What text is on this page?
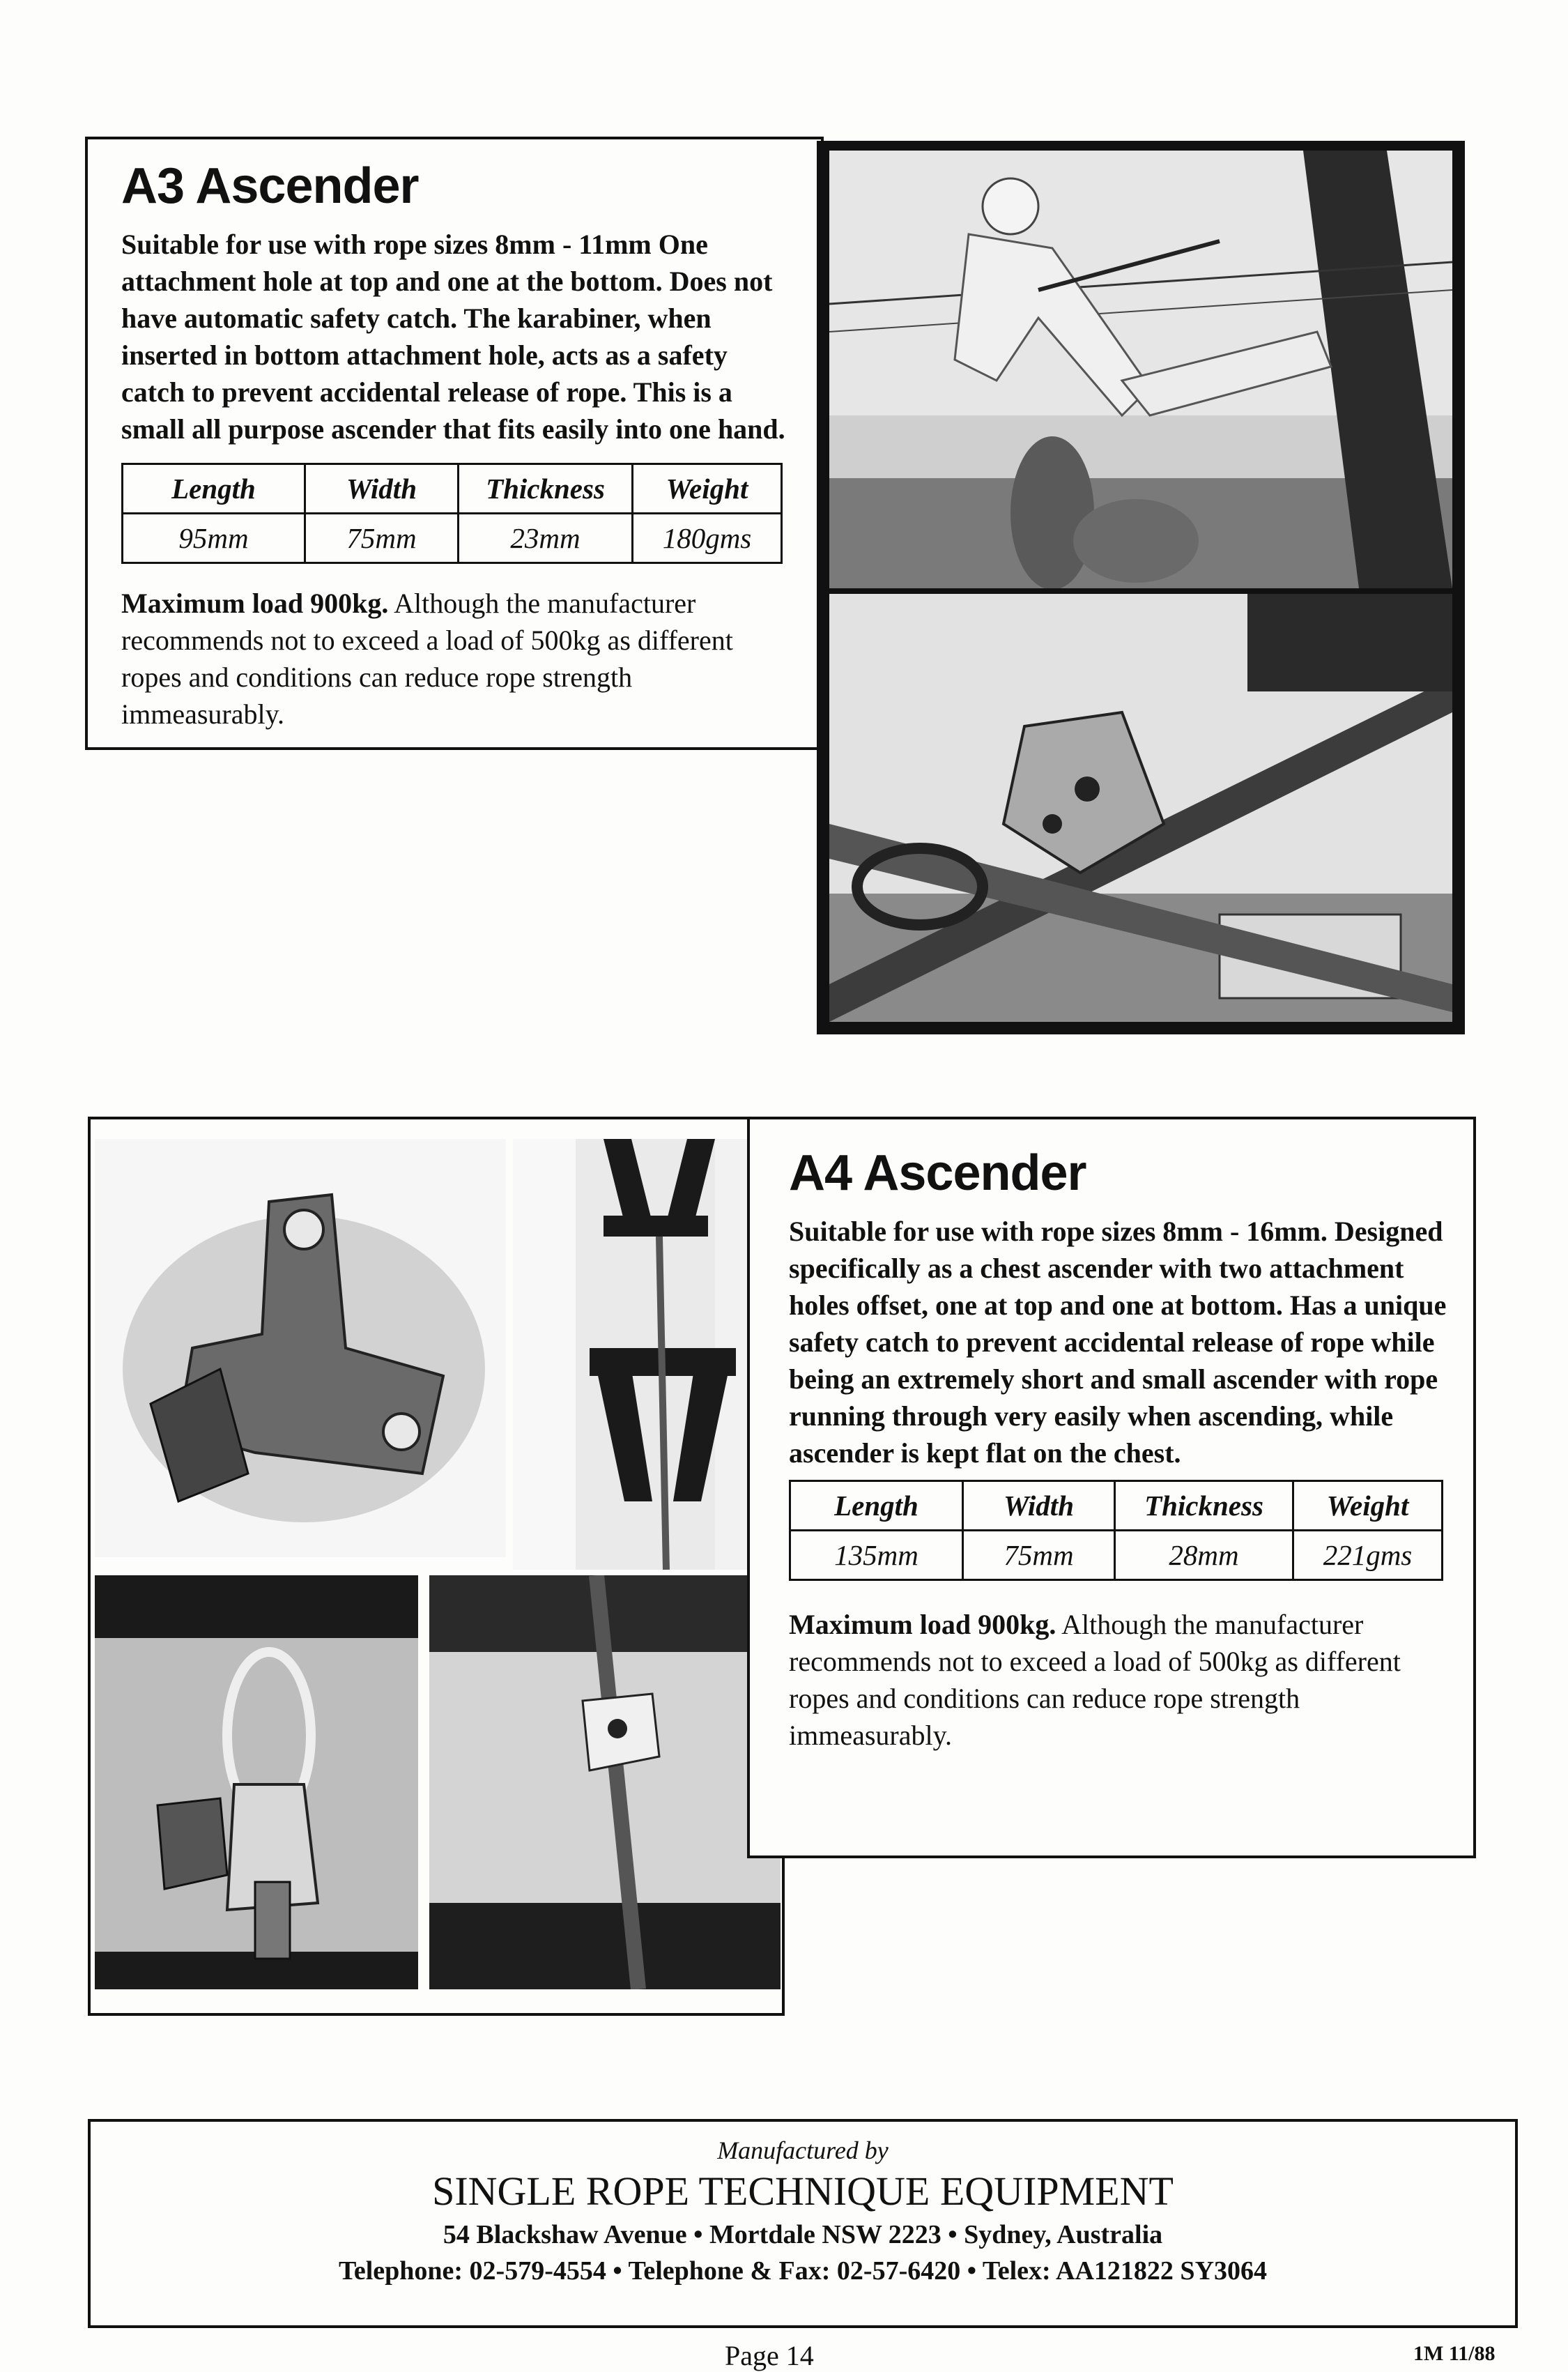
A3 Ascender

Suitable for use with rope sizes 8mm - 11mm One attachment hole at top and one at the bottom. Does not have automatic safety catch. The karabiner, when inserted in bottom attachment hole, acts as a safety catch to prevent accidental release of rope. This is a small all purpose ascender that fits easily into one hand.

Length	Width	Thickness	Weight
95mm	75mm	23mm	180gms

Maximum load 900kg. Although the manufacturer recommends not to exceed a load of 500kg as different ropes and conditions can reduce rope strength immeasurably.

A4 Ascender

Suitable for use with rope sizes 8mm - 16mm. Designed specifically as a chest ascender with two attachment holes offset, one at top and one at bottom. Has a unique safety catch to prevent accidental release of rope while being an extremely short and small ascender with rope running through very easily when ascending, while ascender is kept flat on the chest.

Length	Width	Thickness	Weight
135mm	75mm	28mm	221gms

Maximum load 900kg. Although the manufacturer recommends not to exceed a load of 500kg as different ropes and conditions can reduce rope strength immeasurably.

Manufactured by

SINGLE ROPE TECHNIQUE EQUIPMENT

54 Blackshaw Avenue • Mortdale NSW 2223 • Sydney, Australia

Telephone: 02-579-4554 • Telephone & Fax: 02-57-6420 • Telex: AA121822 SY3064

Page 14	1M 11/88
